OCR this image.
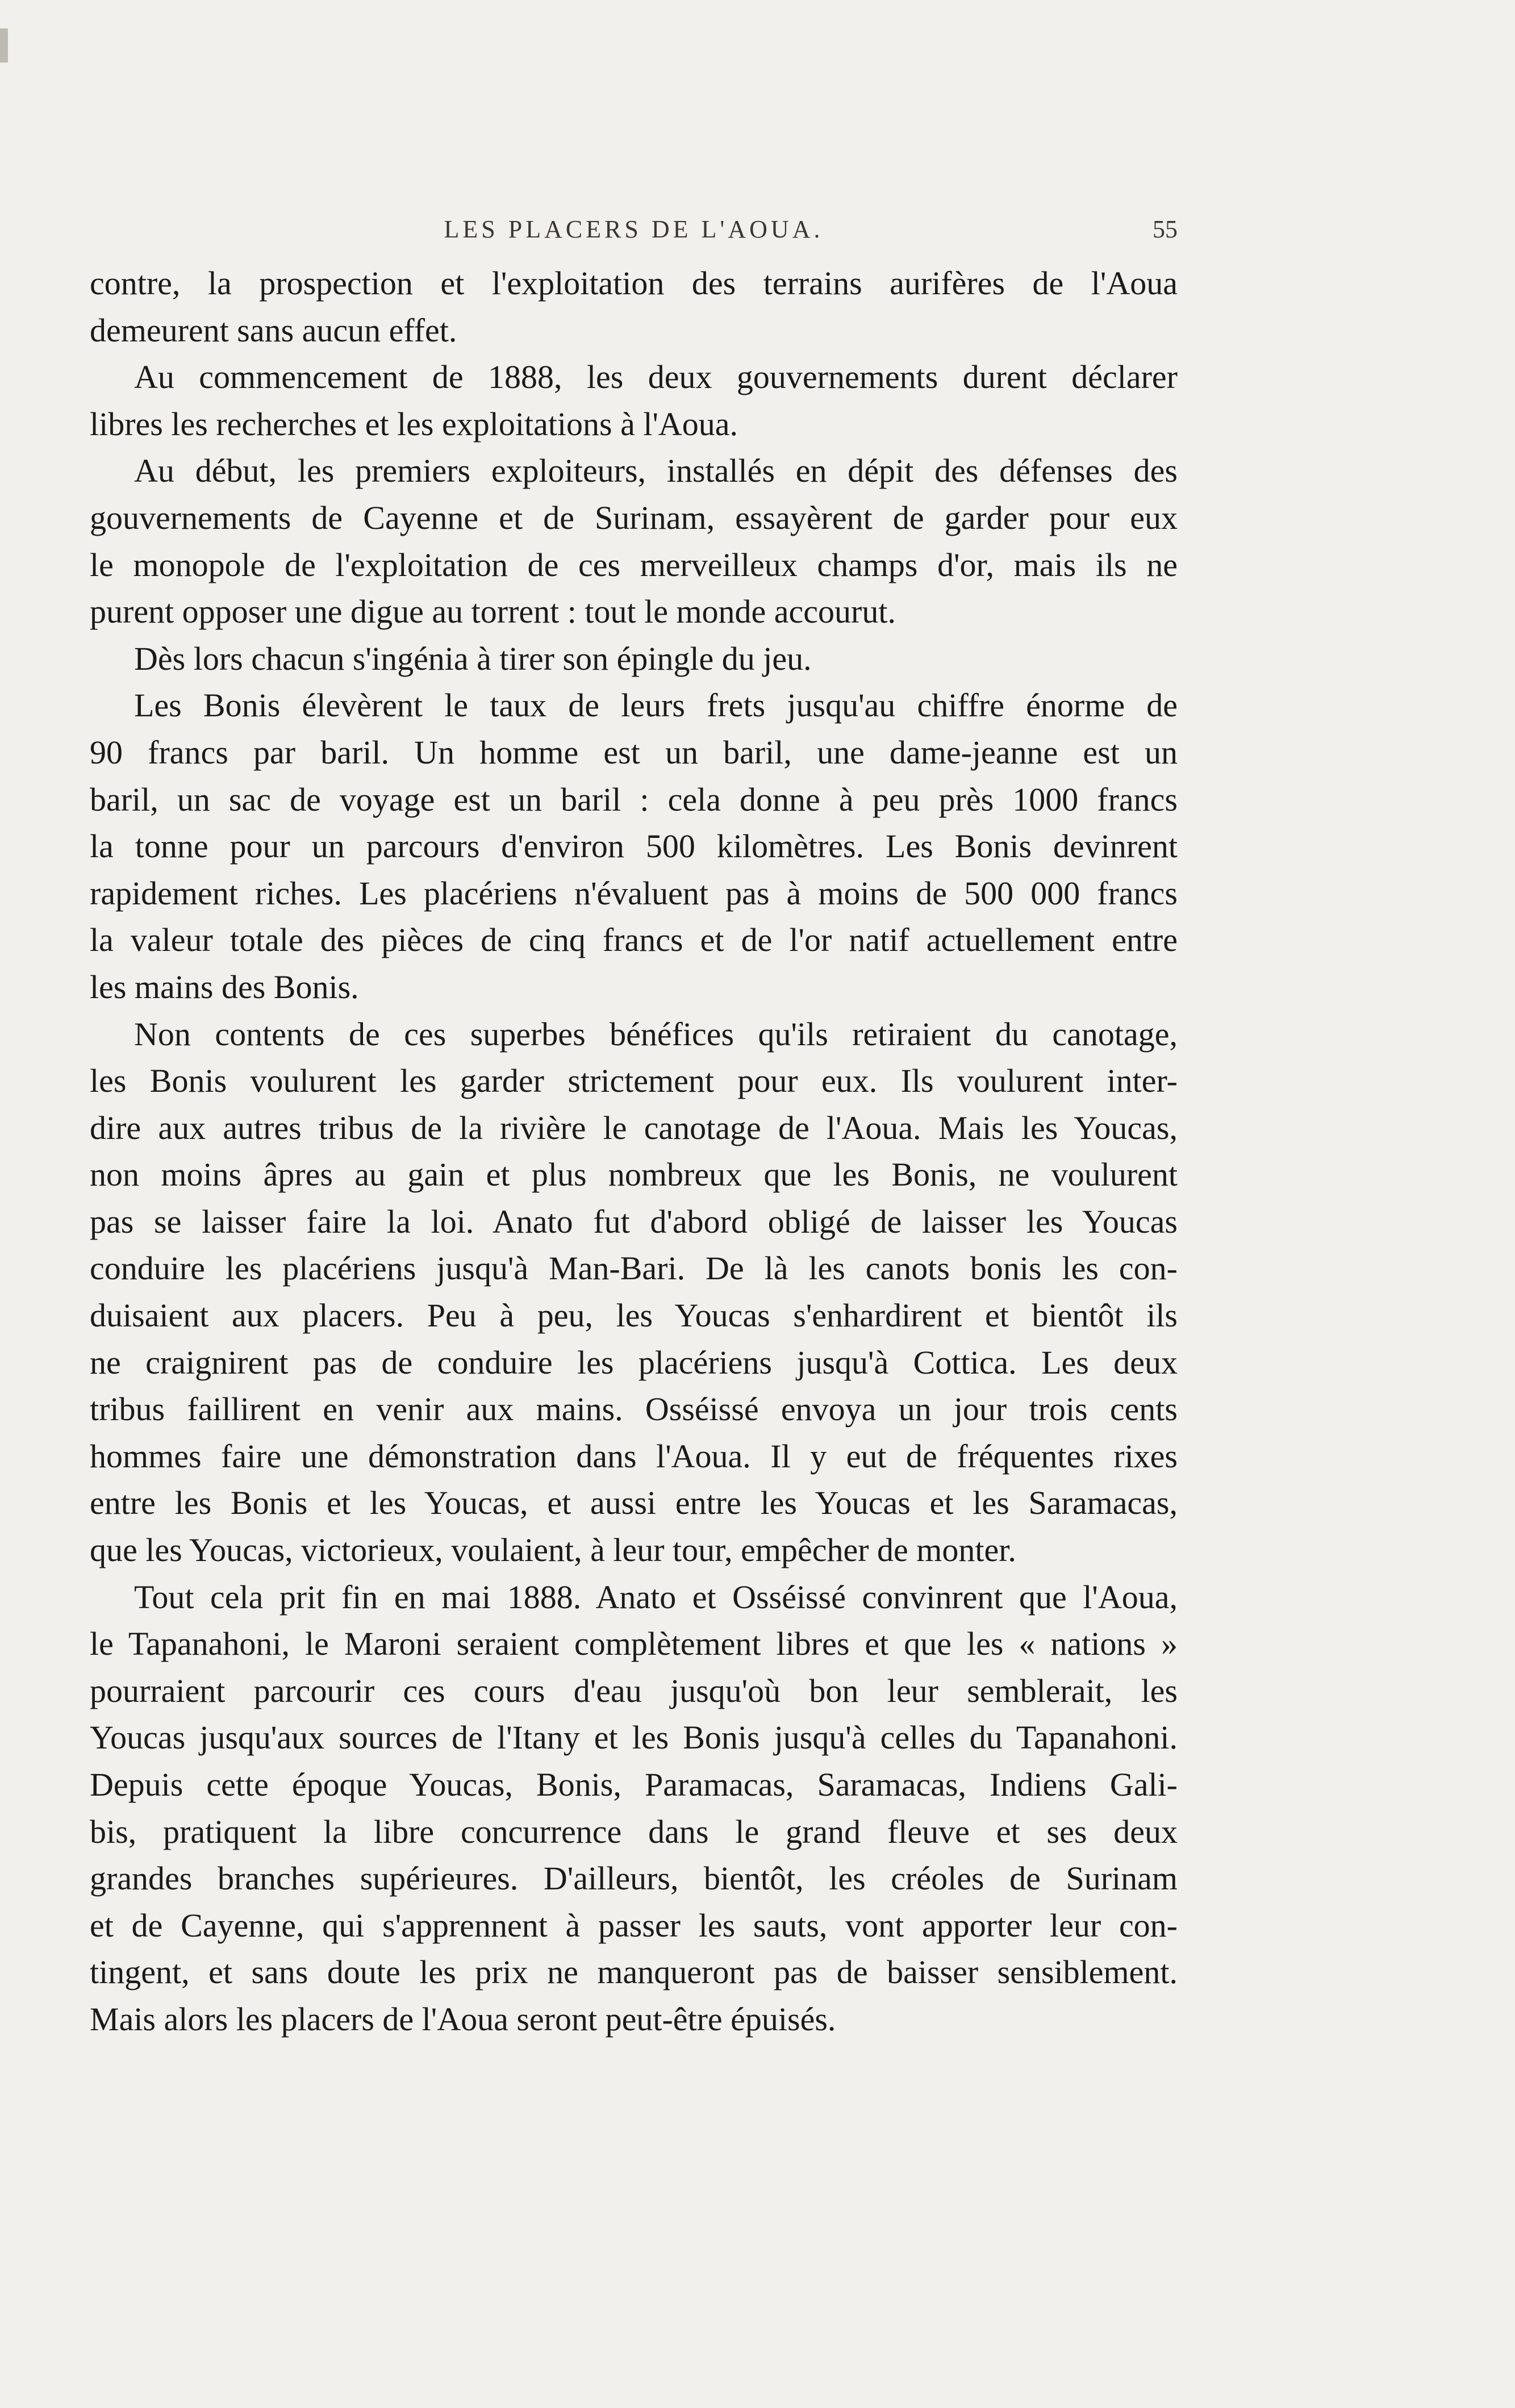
LES PLACERS DE L'AOUA.	55
contre, la prospection et l'exploitation des terrains aurifères de l'Aoua
demeurent sans aucun effet.
Au commencement de 1888, les deux gouvernements durent déclarer
libres les recherches et les exploitations à l'Aoua.
Au début, les premiers exploiteurs, installés en dépit des défenses des
gouvernements de Cayenne et de Surinam, essayèrent de garder pour eux
le monopole de l'exploitation de ces merveilleux champs d'or, mais ils ne
purent opposer une digue au torrent : tout le monde accourut.
Dès lors chacun s'ingénia à tirer son épingle du jeu.
Les Bonis élevèrent le taux de leurs frets jusqu'au chiffre énorme de
90 francs par baril. Un homme est un baril, une dame-jeanne est un
baril, un sac de voyage est un baril : cela donne à peu près 1000 francs
la tonne pour un parcours d'environ 500 kilomètres. Les Bonis devinrent
rapidement riches. Les placériens n'évaluent pas à moins de 500 000 francs
la valeur totale des pièces de cinq francs et de l'or natif actuellement entre
les mains des Bonis.
Non contents de ces superbes bénéfices qu'ils retiraient du canotage,
les Bonis voulurent les garder strictement pour eux. Ils voulurent inter-
dire aux autres tribus de la rivière le canotage de l'Aoua. Mais les Youcas,
non moins âpres au gain et plus nombreux que les Bonis, ne voulurent
pas se laisser faire la loi. Anato fut d'abord obligé de laisser les Youcas
conduire les placériens jusqu'à Man-Bari. De là les canots bonis les con-
duisaient aux placers. Peu à peu, les Youcas s'enhardirent et bientôt ils
ne craignirent pas de conduire les placériens jusqu'à Cottica. Les deux
tribus faillirent en venir aux mains. Osséissé envoya un jour trois cents
hommes faire une démonstration dans l'Aoua. Il y eut de fréquentes rixes
entre les Bonis et les Youcas, et aussi entre les Youcas et les Saramacas,
que les Youcas, victorieux, voulaient, à leur tour, empêcher de monter.
Tout cela prit fin en mai 1888. Anato et Osséissé convinrent que l'Aoua,
le Tapanahoni, le Maroni seraient complètement libres et que les « nations »
pourraient parcourir ces cours d'eau jusqu'où bon leur semblerait, les
Youcas jusqu'aux sources de l'Itany et les Bonis jusqu'à celles du Tapanahoni.
Depuis cette époque Youcas, Bonis, Paramacas, Saramacas, Indiens Gali-
bis, pratiquent la libre concurrence dans le grand fleuve et ses deux
grandes branches supérieures. D'ailleurs, bientôt, les créoles de Surinam
et de Cayenne, qui s'apprennent à passer les sauts, vont apporter leur con-
tingent, et sans doute les prix ne manqueront pas de baisser sensiblement.
Mais alors les placers de l'Aoua seront peut-être épuisés.
